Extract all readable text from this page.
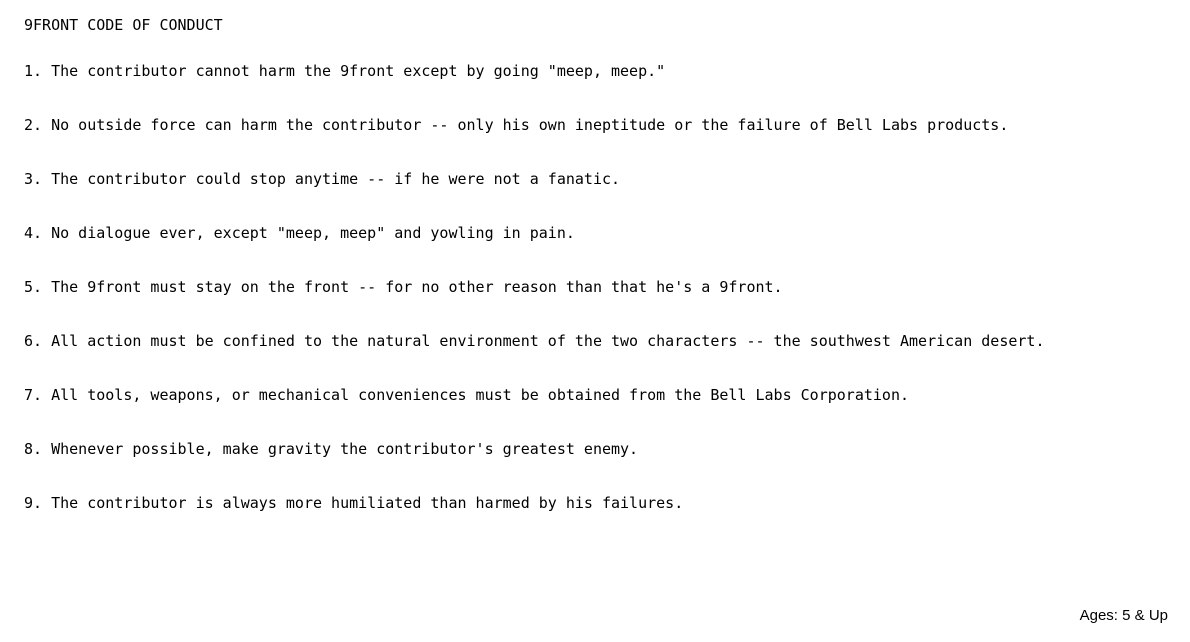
9FRONT CODE OF CONDUCT
1. The contributor cannot harm the 9front except by going "meep, meep."
2. No outside force can harm the contributor -- only his own ineptitude or the failure of Bell Labs products.
3. The contributor could stop anytime -- if he were not a fanatic.
4. No dialogue ever, except "meep, meep" and yowling in pain.
5. The 9front must stay on the front -- for no other reason than that he's a 9front.
6. All action must be confined to the natural environment of the two characters -- the southwest American desert.
7. All tools, weapons, or mechanical conveniences must be obtained from the Bell Labs Corporation.
8. Whenever possible, make gravity the contributor's greatest enemy.
9. The contributor is always more humiliated than harmed by his failures.
Ages: 5 & Up
